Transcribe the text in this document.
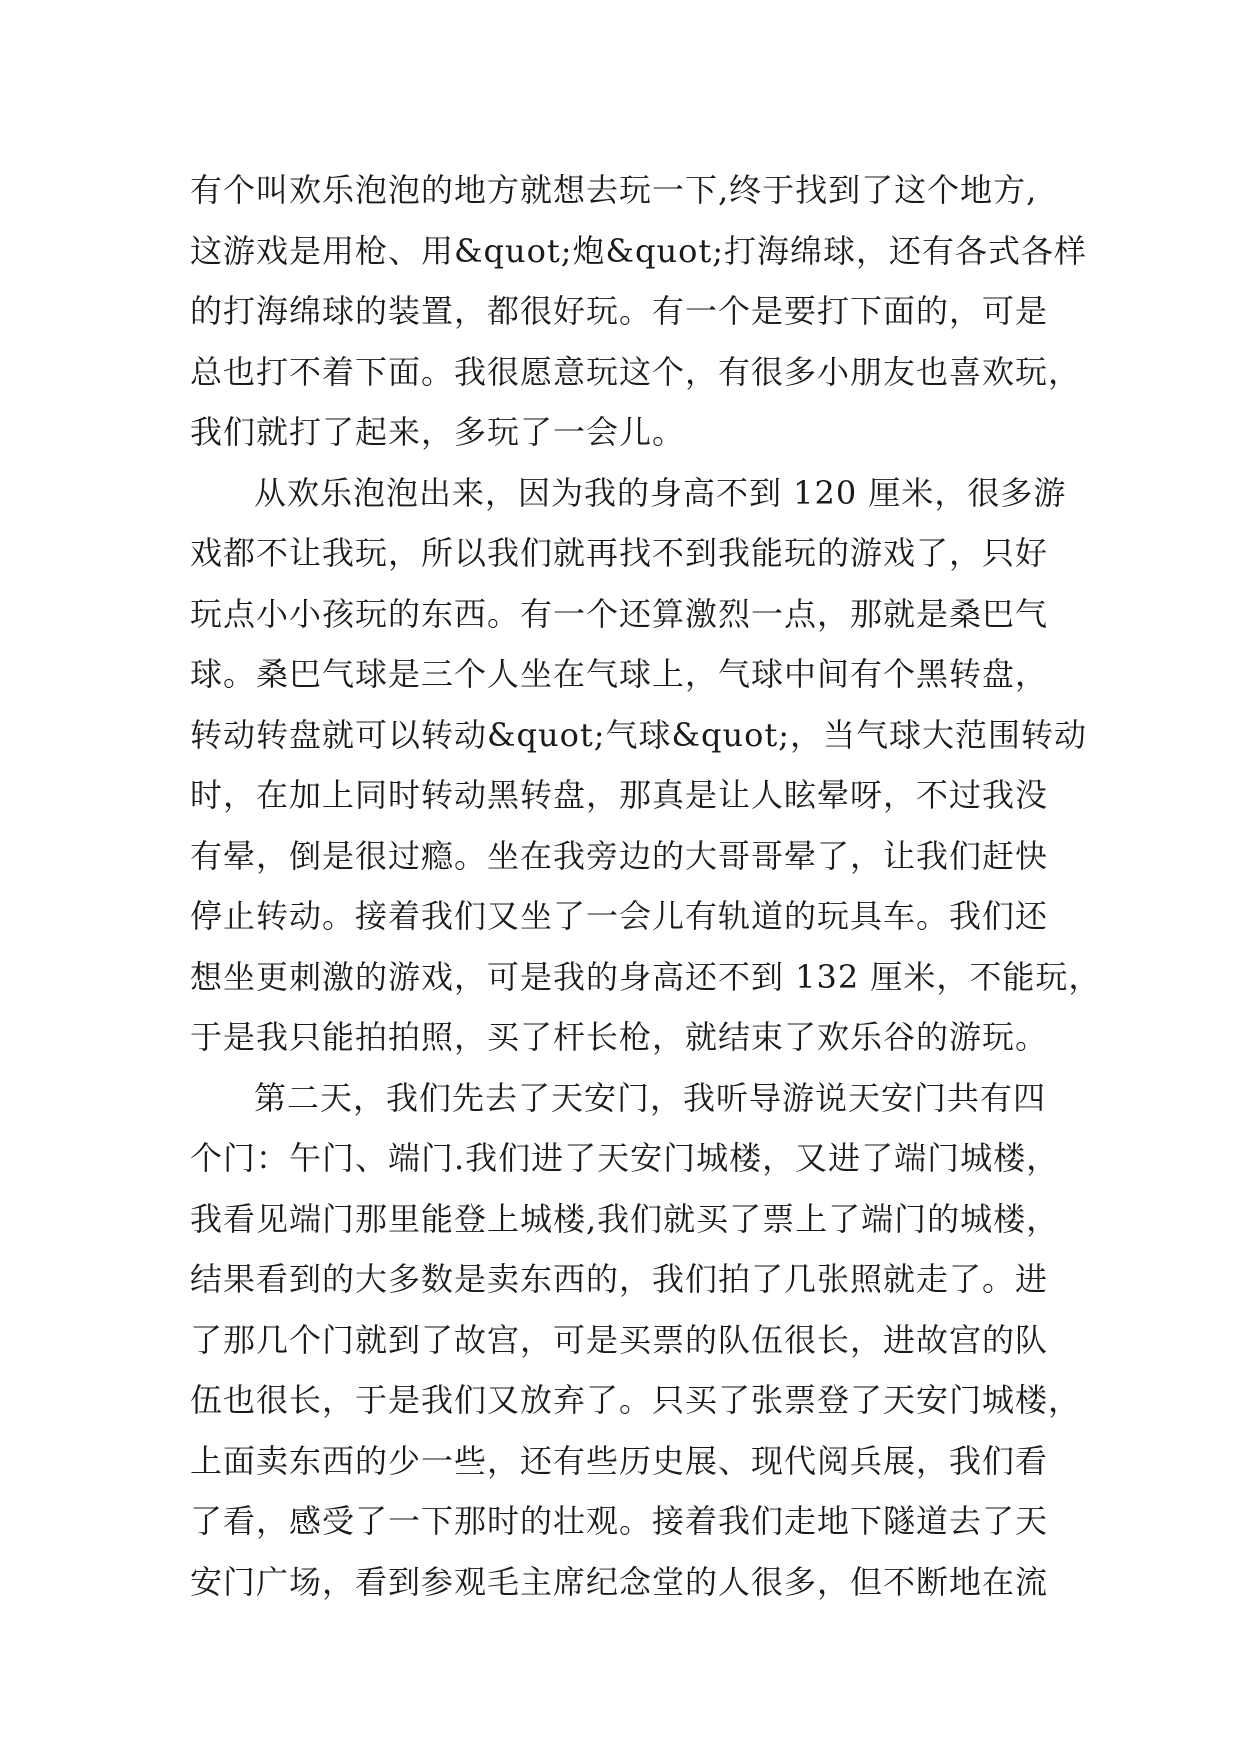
有个叫欢乐泡泡的地方就想去玩一下,终于找到了这个地方,
这游戏是用枪、用&quot;炮&quot;打海绵球，还有各式各样
的打海绵球的装置，都很好玩。有一个是要打下面的，可是
总也打不着下面。我很愿意玩这个，有很多小朋友也喜欢玩，
我们就打了起来，多玩了一会儿。
从欢乐泡泡出来，因为我的身高不到 120 厘米，很多游
戏都不让我玩，所以我们就再找不到我能玩的游戏了，只好
玩点小小孩玩的东西。有一个还算激烈一点，那就是桑巴气
球。桑巴气球是三个人坐在气球上，气球中间有个黑转盘，
转动转盘就可以转动&quot;气球&quot;，当气球大范围转动
时，在加上同时转动黑转盘，那真是让人眩晕呀，不过我没
有晕，倒是很过瘾。坐在我旁边的大哥哥晕了，让我们赶快
停止转动。接着我们又坐了一会儿有轨道的玩具车。我们还
想坐更刺激的游戏，可是我的身高还不到 132 厘米，不能玩，
于是我只能拍拍照，买了杆长枪，就结束了欢乐谷的游玩。
第二天，我们先去了天安门，我听导游说天安门共有四
个门：午门、端门.我们进了天安门城楼，又进了端门城楼，
我看见端门那里能登上城楼,我们就买了票上了端门的城楼，
结果看到的大多数是卖东西的，我们拍了几张照就走了。进
了那几个门就到了故宫，可是买票的队伍很长，进故宫的队
伍也很长，于是我们又放弃了。只买了张票登了天安门城楼，
上面卖东西的少一些，还有些历史展、现代阅兵展，我们看
了看，感受了一下那时的壮观。接着我们走地下隧道去了天
安门广场，看到参观毛主席纪念堂的人很多，但不断地在流
